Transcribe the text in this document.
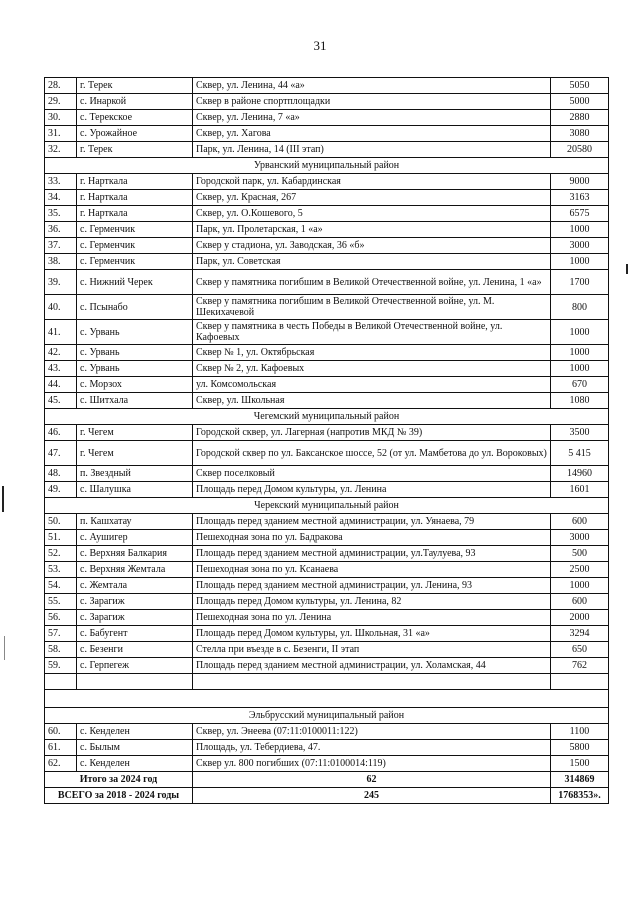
31
28.	г. Терек	Сквер, ул. Ленина, 44 «а»	5050
29.	с. Инаркой	Сквер в районе спортплощадки	5000
30.	с. Терекское	Сквер, ул. Ленина, 7 «а»	2880
31.	с. Урожайное	Сквер, ул. Хагова	3080
32.	г. Терек	Парк, ул. Ленина, 14 (III этап)	20580
Урванский муниципальный район			
33.	г. Нарткала	Городской парк, ул. Кабардинская	9000
34.	г. Нарткала	Сквер, ул. Красная, 267	3163
35.	г. Нарткала	Сквер, ул. О.Кошевого, 5	6575
36.	с. Герменчик	Парк, ул. Пролетарская, 1 «а»	1000
37.	с. Герменчик	Сквер у стадиона, ул. Заводская, 36 «б»	3000
38.	с. Герменчик	Парк, ул. Советская	1000
39.	с. Нижний Черек	Сквер у памятника погибшим в Великой Отечественной войне, ул. Ленина, 1 «а»	1700
40.	с. Псынабо	Сквер у памятника погибшим в Великой Отечественной войне, ул. М. Шекихачевой	800
41.	с. Урвань	Сквер у памятника в честь Победы в Великой Отечественной войне, ул. Кафоевых	1000
42.	с. Урвань	Сквер № 1, ул. Октябрьская	1000
43.	с. Урвань	Сквер № 2, ул. Кафоевых	1000
44.	с. Морзох	ул. Комсомольская	670
45.	с. Шитхала	Сквер, ул. Школьная	1080
Чегемский муниципальный район			
46.	г. Чегем	Городской сквер, ул. Лагерная (напротив МКД № 39)	3500
47.	г. Чегем	Городской сквер по ул. Баксанское шоссе, 52 (от ул. Мамбетова до ул. Вороковых)	5 415
48.	п. Звездный	Сквер поселковый	14960
49.	с. Шалушка	Площадь перед Домом культуры, ул. Ленина	1601
Черекский муниципальный район			
50.	п. Кашхатау	Площадь перед зданием местной администрации, ул. Уянаева, 79	600
51.	с. Аушигер	Пешеходная зона по ул. Бадракова	3000
52.	с. Верхняя Балкария	Площадь перед зданием местной администрации, ул.Таулуева, 93	500
53.	с. Верхняя Жемтала	Пешеходная зона по ул. Ксанаева	2500
54.	с. Жемтала	Площадь перед зданием местной администрации, ул. Ленина, 93	1000
55.	с. Зарагиж	Площадь перед Домом культуры, ул. Ленина, 82	600
56.	с. Зарагиж	Пешеходная зона по ул. Ленина	2000
57.	с. Бабугент	Площадь перед Домом культуры, ул. Школьная, 31 «а»	3294
58.	с. Безенги	Стелла при въезде в с. Безенги, II этап	650
59.	с. Герпегеж	Площадь перед зданием местной администрации, ул. Холамская, 44	762

Эльбрусский муниципальный район			
60.	с. Кенделен	Сквер, ул. Энеева (07:11:0100011:122)	1100
61.	с. Былым	Площадь, ул. Тебердиева, 47.	5800
62.	с. Кенделен	Сквер ул. 800 погибших (07:11:0100014:119)	1500
Итого за 2024 год		62	314869
ВСЕГО за 2018 - 2024 годы		245	1768353».
